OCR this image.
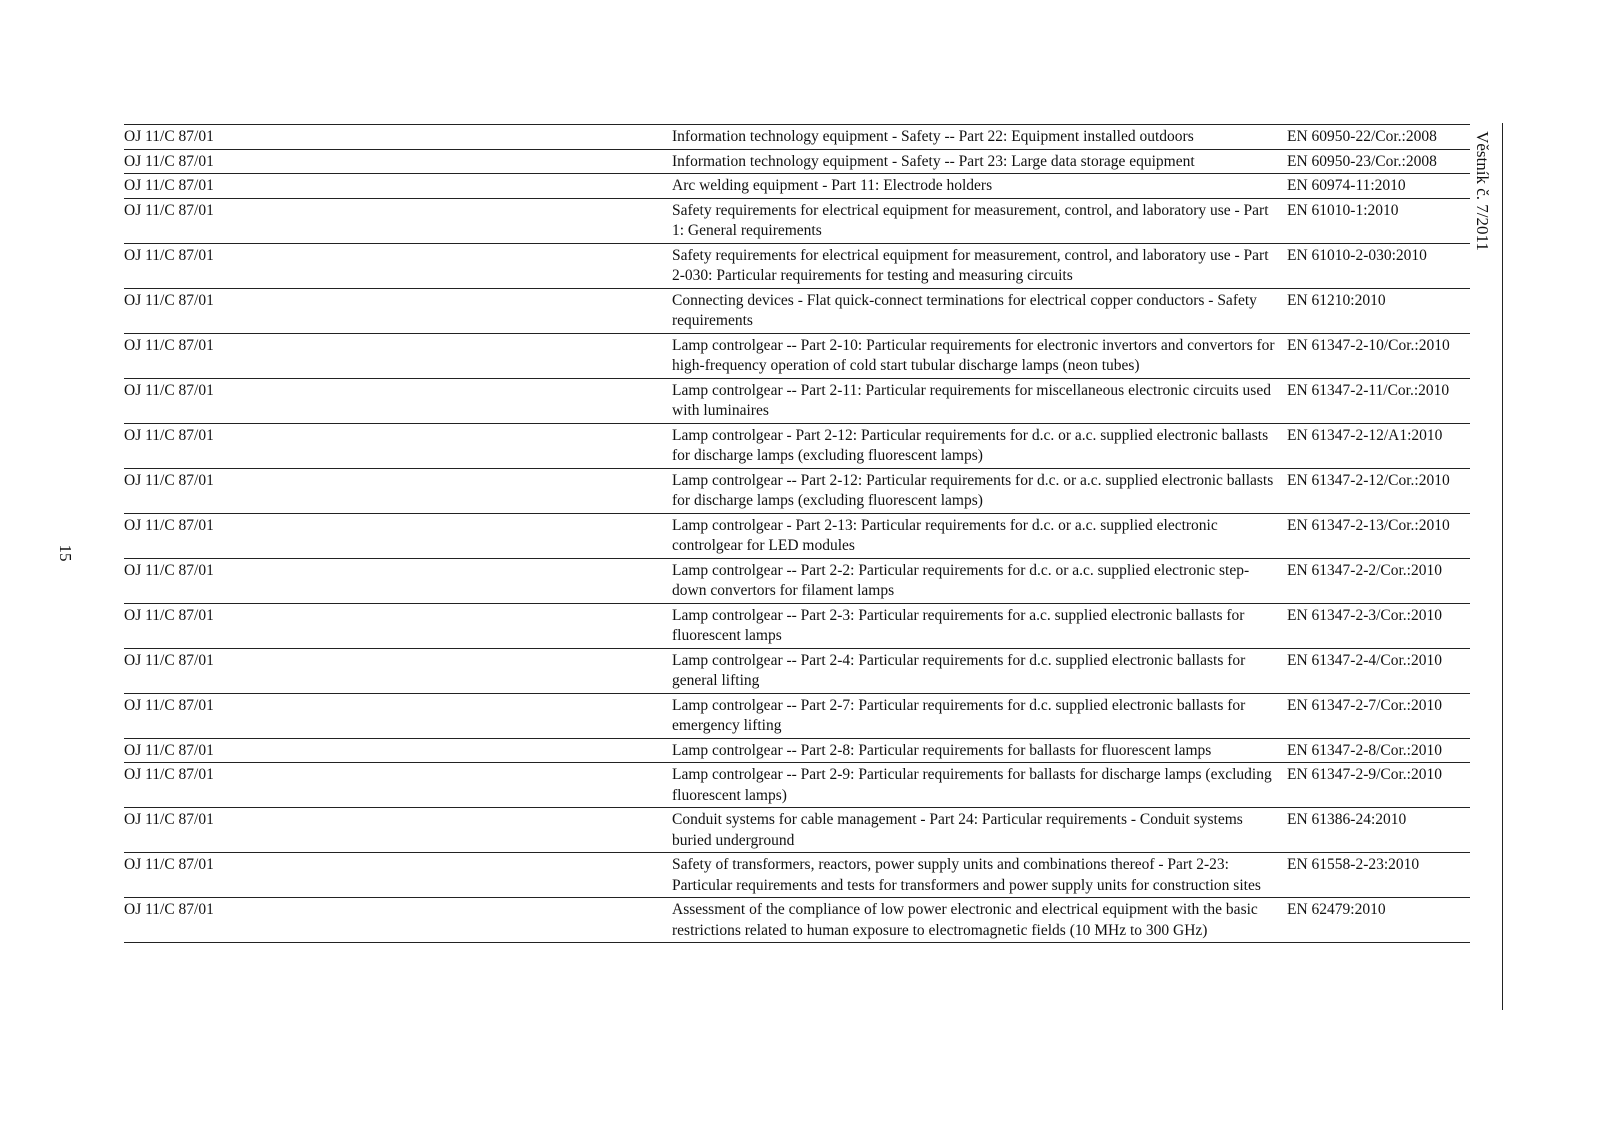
15
Věstník č. 7/2011
OJ 11/C 87/01	Information technology equipment - Safety -- Part 22: Equipment installed outdoors	EN 60950-22/Cor.:2008
OJ 11/C 87/01	Information technology equipment - Safety -- Part 23: Large data storage equipment	EN 60950-23/Cor.:2008
OJ 11/C 87/01	Arc welding equipment - Part 11: Electrode holders	EN 60974-11:2010
OJ 11/C 87/01	Safety requirements for electrical equipment for measurement, control, and laboratory use - Part 1: General requirements	EN 61010-1:2010
OJ 11/C 87/01	Safety requirements for electrical equipment for measurement, control, and laboratory use - Part 2-030: Particular requirements for testing and measuring circuits	EN 61010-2-030:2010
OJ 11/C 87/01	Connecting devices - Flat quick-connect terminations for electrical copper conductors - Safety requirements	EN 61210:2010
OJ 11/C 87/01	Lamp controlgear -- Part 2-10: Particular requirements for electronic invertors and convertors for high-frequency operation of cold start tubular discharge lamps (neon tubes)	EN 61347-2-10/Cor.:2010
OJ 11/C 87/01	Lamp controlgear -- Part 2-11: Particular requirements for miscellaneous electronic circuits used with luminaires	EN 61347-2-11/Cor.:2010
OJ 11/C 87/01	Lamp controlgear - Part 2-12: Particular requirements for d.c. or a.c. supplied electronic ballasts for discharge lamps (excluding fluorescent lamps)	EN 61347-2-12/A1:2010
OJ 11/C 87/01	Lamp controlgear -- Part 2-12: Particular requirements for d.c. or a.c. supplied electronic ballasts for discharge lamps (excluding fluorescent lamps)	EN 61347-2-12/Cor.:2010
OJ 11/C 87/01	Lamp controlgear - Part 2-13: Particular requirements for d.c. or a.c. supplied electronic controlgear for LED modules	EN 61347-2-13/Cor.:2010
OJ 11/C 87/01	Lamp controlgear -- Part 2-2: Particular requirements for d.c. or a.c. supplied electronic step-down convertors for filament lamps	EN 61347-2-2/Cor.:2010
OJ 11/C 87/01	Lamp controlgear -- Part 2-3: Particular requirements for a.c. supplied electronic ballasts for fluorescent lamps	EN 61347-2-3/Cor.:2010
OJ 11/C 87/01	Lamp controlgear -- Part 2-4: Particular requirements for d.c. supplied electronic ballasts for general lifting	EN 61347-2-4/Cor.:2010
OJ 11/C 87/01	Lamp controlgear -- Part 2-7: Particular requirements for d.c. supplied electronic ballasts for emergency lifting	EN 61347-2-7/Cor.:2010
OJ 11/C 87/01	Lamp controlgear -- Part 2-8: Particular requirements for ballasts for fluorescent lamps	EN 61347-2-8/Cor.:2010
OJ 11/C 87/01	Lamp controlgear -- Part 2-9: Particular requirements for ballasts for discharge lamps (excluding fluorescent lamps)	EN 61347-2-9/Cor.:2010
OJ 11/C 87/01	Conduit systems for cable management - Part 24: Particular requirements - Conduit systems buried underground	EN 61386-24:2010
OJ 11/C 87/01	Safety of transformers, reactors, power supply units and combinations thereof - Part 2-23: Particular requirements and tests for transformers and power supply units for construction sites	EN 61558-2-23:2010
OJ 11/C 87/01	Assessment of the compliance of low power electronic and electrical equipment with the basic restrictions related to human exposure to electromagnetic fields (10 MHz to 300 GHz)	EN 62479:2010
